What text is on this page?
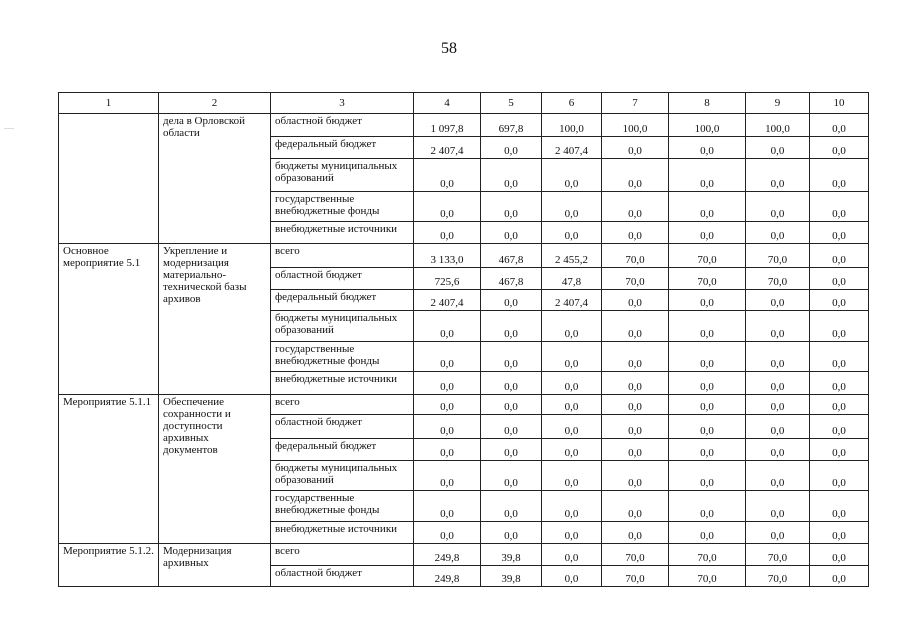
58
1	2	3	4	5	6	7	8	9	10
	дела в Орловской области	областной бюджет	1 097,8	697,8	100,0	100,0	100,0	100,0	0,0
		федеральный бюджет	2 407,4	0,0	2 407,4	0,0	0,0	0,0	0,0
		бюджеты муниципальных образований	0,0	0,0	0,0	0,0	0,0	0,0	0,0
		государственные внебюджетные фонды	0,0	0,0	0,0	0,0	0,0	0,0	0,0
		внебюджетные источники	0,0	0,0	0,0	0,0	0,0	0,0	0,0
Основное мероприятие 5.1	Укрепление и модернизация материально-технической базы архивов	всего	3 133,0	467,8	2 455,2	70,0	70,0	70,0	0,0
		областной бюджет	725,6	467,8	47,8	70,0	70,0	70,0	0,0
		федеральный бюджет	2 407,4	0,0	2 407,4	0,0	0,0	0,0	0,0
		бюджеты муниципальных образований	0,0	0,0	0,0	0,0	0,0	0,0	0,0
		государственные внебюджетные фонды	0,0	0,0	0,0	0,0	0,0	0,0	0,0
		внебюджетные источники	0,0	0,0	0,0	0,0	0,0	0,0	0,0
Мероприятие 5.1.1	Обеспечение сохранности и доступности архивных документов	всего	0,0	0,0	0,0	0,0	0,0	0,0	0,0
		областной бюджет	0,0	0,0	0,0	0,0	0,0	0,0	0,0
		федеральный бюджет	0,0	0,0	0,0	0,0	0,0	0,0	0,0
		бюджеты муниципальных образований	0,0	0,0	0,0	0,0	0,0	0,0	0,0
		государственные внебюджетные фонды	0,0	0,0	0,0	0,0	0,0	0,0	0,0
		внебюджетные источники	0,0	0,0	0,0	0,0	0,0	0,0	0,0
Мероприятие 5.1.2.	Модернизация архивных	всего	249,8	39,8	0,0	70,0	70,0	70,0	0,0
		областной бюджет	249,8	39,8	0,0	70,0	70,0	70,0	0,0
